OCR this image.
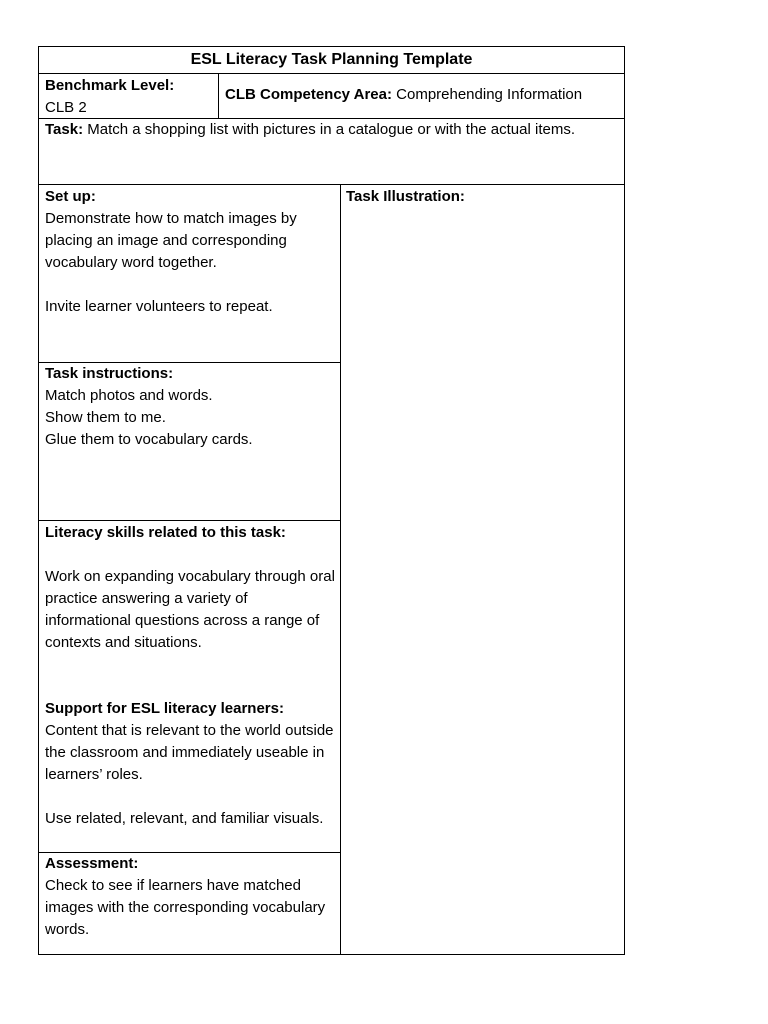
ESL Literacy Task Planning Template
Benchmark Level:
CLB 2
CLB Competency Area: Comprehending Information
Task: Match a shopping list with pictures in a catalogue or with the actual items.
Set up:
Demonstrate how to match images by placing an image and corresponding vocabulary word together.
Invite learner volunteers to repeat.
Task Illustration:
Task instructions:
Match photos and words.
Show them to me.
Glue them to vocabulary cards.
Literacy skills related to this task:
Work on expanding vocabulary through oral practice answering a variety of informational questions across a range of contexts and situations.
Support for ESL literacy learners:
Content that is relevant to the world outside the classroom and immediately useable in learners’ roles.
Use related, relevant, and familiar visuals.
Assessment:
Check to see if learners have matched images with the corresponding vocabulary words.
